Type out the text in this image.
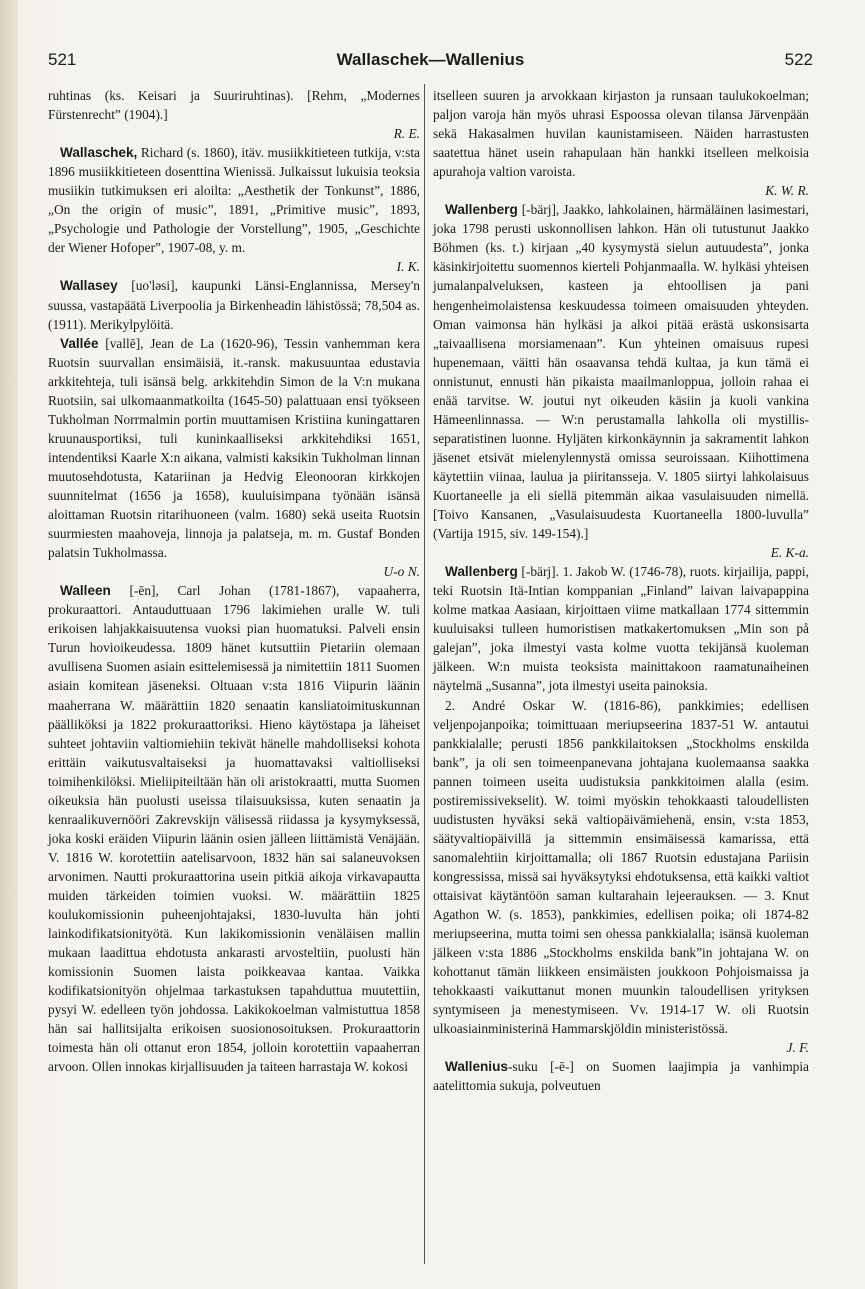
521	Wallaschek—Wallenius	522

ruhtinas (ks. Keisari ja Suuriruhtinas). [Rehm, „Modernes Fürstenrecht” (1904).]

R. E.

Wallaschek, Richard (s. 1860), itäv. musiikkitieteen tutkija, v:sta 1896 musiikkitieteen dosenttina Wienissä. Julkaissut lukuisia teoksia musiikin tutkimuksen eri aloilta: „Aesthetik der Tonkunst”, 1886, „On the origin of music”, 1891, „Primitive music”, 1893, „Psychologie und Pathologie der Vorstellung”, 1905, „Geschichte der Wiener Hofoper”, 1907-08, y. m.

I. K.

Wallasey [uo'ləsi], kaupunki Länsi-Englannissa, Mersey'n suussa, vastapäätä Liverpoolia ja Birkenheadin lähistössä; 78,504 as. (1911). Merikylpylöitä.

Vallée [vallē], Jean de La (1620-96), Tessin vanhemman kera Ruotsin suurvallan ensimäisiä, it.-ransk. makusuuntaa edustavia arkkitehteja, tuli isänsä belg. arkkitehdin Simon de la V:n mukana Ruotsiin, sai ulkomaanmatkoilta (1645-50) palattuaan ensi työkseen Tukholman Norrmalmin portin muuttamisen Kristiina kuningattaren kruunausportiksi, tuli kuninkaalliseksi arkkitehdiksi 1651, intendentiksi Kaarle X:n aikana, valmisti kaksikin Tukholman linnan muutosehdotusta, Katariinan ja Hedvig Eleonooran kirkkojen suunnitelmat (1656 ja 1658), kuuluisimpana työnään isänsä aloittaman Ruotsin ritarihuoneen (valm. 1680) sekä useita Ruotsin suurmiesten maahoveja, linnoja ja palatseja, m. m. Gustaf Bonden palatsin Tukholmassa.

U-o N.

Walleen [-ēn], Carl Johan (1781-1867), vapaaherra, prokuraattori. Antauduttuaan 1796 lakimiehen uralle W. tuli erikoisen lahjakkaisuutensa vuoksi pian huomatuksi. Palveli ensin Turun hovioikeudessa. 1809 hänet kutsuttiin Pietariin olemaan avullisena Suomen asiain esittelemisessä ja nimitettiin 1811 Suomen asiain komitean jäseneksi. Oltuaan v:sta 1816 Viipurin läänin maaherrana W. määrättiin 1820 senaatin kansliatoimituskunnan päälliköksi ja 1822 prokuraattoriksi. Hieno käytöstapa ja läheiset suhteet johtaviin valtiomiehiin tekivät hänelle mahdolliseksi kohota erittäin vaikutusvaltaiseksi ja huomattavaksi valtiolliseksi toimihenkilöksi. Mieliipiteiltään hän oli aristokraatti, mutta Suomen oikeuksia hän puolusti useissa tilaisuuksissa, kuten senaatin ja kenraalikuvernööri Zakrevskijn välisessä riidassa ja kysymyksessä, joka koski eräiden Viipurin läänin osien jälleen liittämistä Venäjään. V. 1816 W. korotettiin aatelisarvoon, 1832 hän sai salaneuvoksen arvonimen. Nautti prokuraattorina usein pitkiä aikoja virkavapautta muiden tärkeiden toimien vuoksi. W. määrättiin 1825 koulukomissionin puheenjohtajaksi, 1830-luvulta hän johti lainkodifikatsionityötä. Kun lakikomissionin venäläisen mallin mukaan laadittua ehdotusta ankarasti arvosteltiin, puolusti hän komissionin Suomen laista poikkeavaa kantaa. Vaikka kodifikatsionityön ohjelmaa tarkastuksen tapahduttua muutettiin, pysyi W. edelleen työn johdossa. Lakikokoelman valmistuttua 1858 hän sai hallitsijalta erikoisen suosionosoituksen. Prokuraattorin toimesta hän oli ottanut eron 1854, jolloin korotettiin vapaaherran arvoon. Ollen innokas kirjallisuuden ja taiteen harrastaja W. kokosi

itselleen suuren ja arvokkaan kirjaston ja runsaan taulukokoelman; paljon varoja hän myös uhrasi Espoossa olevan tilansa Järvenpään sekä Hakasalmen huvilan kaunistamiseen. Näiden harrastusten saatettua hänet usein rahapulaan hän hankki itselleen melkoisia apurahoja valtion varoista.

K. W. R.

Wallenberg [-bärj], Jaakko, lahkolainen, härmäläinen lasimestari, joka 1798 perusti uskonnollisen lahkon. Hän oli tutustunut Jaakko Böhmen (ks. t.) kirjaan „40 kysymystä sielun autuudesta”, jonka käsinkirjoitettu suomennos kierteli Pohjanmaalla. W. hylkäsi yhteisen jumalanpalveluksen, kasteen ja ehtoollisen ja pani hengenheimolaistensa keskuudessa toimeen omaisuuden yhteyden. Oman vaimonsa hän hylkäsi ja alkoi pitää erästä uskonsisarta „taivaallisena morsiamenaan”. Kun yhteinen omaisuus rupesi hupenemaan, väitti hän osaavansa tehdä kultaa, ja kun tämä ei onnistunut, ennusti hän pikaista maailmanloppua, jolloin rahaa ei enää tarvitse. W. joutui nyt oikeuden käsiin ja kuoli vankina Hämeenlinnassa. — W:n perustamalla lahkolla oli mystillis-separatistinen luonne. Hyljäten kirkonkäynnin ja sakramentit lahkon jäsenet etsivät mielenylennystä omissa seuroissaan. Kiihottimena käytettiin viinaa, laulua ja piiritansseja. V. 1805 siirtyi lahkolaisuus Kuortaneelle ja eli siellä pitemmän aikaa vasulaisuuden nimellä. [Toivo Kansanen, „Vasulaisuudesta Kuortaneella 1800-luvulla” (Vartija 1915, siv. 149-154).]

E. K-a.

Wallenberg [-bärj]. 1. Jakob W. (1746-78), ruots. kirjailija, pappi, teki Ruotsin Itä-Intian komppanian „Finland” laivan laivapappina kolme matkaa Aasiaan, kirjoittaen viime matkallaan 1774 sittemmin kuuluisaksi tulleen humoristisen matkakertomuksen „Min son på galejan”, joka ilmestyi vasta kolme vuotta tekijänsä kuoleman jälkeen. W:n muista teoksista mainittakoon raamatunaiheinen näytelmä „Susanna”, jota ilmestyi useita painoksia.

2. André Oskar W. (1816-86), pankkimies; edellisen veljenpojanpoika; toimittuaan meriupseerina 1837-51 W. antautui pankkialalle; perusti 1856 pankkilaitoksen „Stockholms enskilda bank”, ja oli sen toimeenpanevana johtajana kuolemaansa saakka pannen toimeen useita uudistuksia pankkitoimen alalla (esim. postiremissivekselit). W. toimi myöskin tehokkaasti taloudellisten uudistusten hyväksi sekä valtiopäivämiehenä, ensin, v:sta 1853, säätyvaltiopäivillä ja sittemmin ensimäisessä kamarissa, että sanomalehtiin kirjoittamalla; oli 1867 Ruotsin edustajana Pariisin kongressissa, missä sai hyväksytyksi ehdotuksensa, että kaikki valtiot ottaisivat käytäntöön saman kultarahain lejeerauksen. — 3. Knut Agathon W. (s. 1853), pankkimies, edellisen poika; oli 1874-82 meriupseerina, mutta toimi sen ohessa pankkialalla; isänsä kuoleman jälkeen v:sta 1886 „Stockholms enskilda bank”in johtajana W. on kohottanut tämän liikkeen ensimäisten joukkoon Pohjoismaissa ja tehokkaasti vaikuttanut monen muunkin taloudellisen yrityksen syntymiseen ja menestymiseen. Vv. 1914-17 W. oli Ruotsin ulkoasiainministerinä Hammarskjöldin ministeristössä.

J. F.

Wallenius-suku [-ē-] on Suomen laajimpia ja vanhimpia aatelittomia sukuja, polveutuen
